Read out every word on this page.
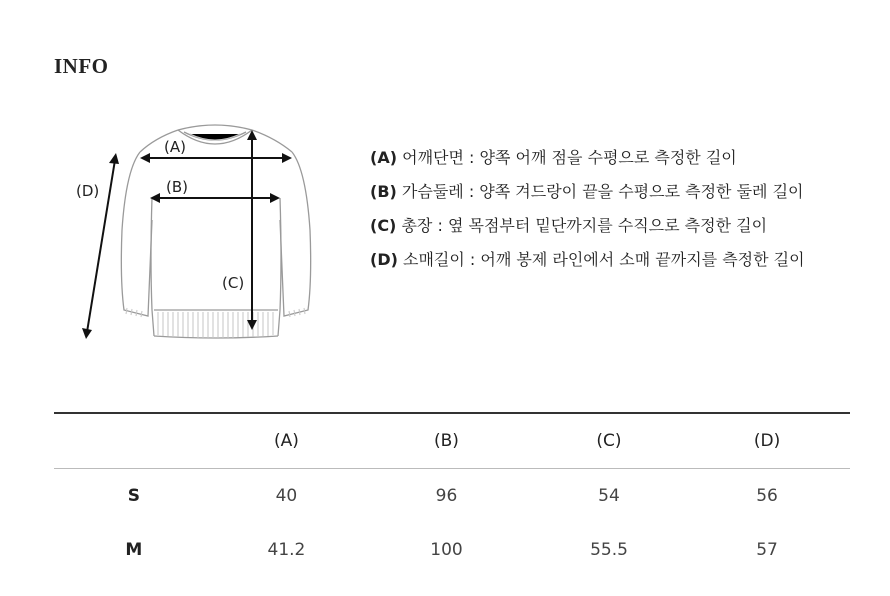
INFO
(A)
(B)
(C)
(D)
(A) 어깨단면 : 양쪽 어깨 점을 수평으로 측정한 길이
(B) 가슴둘레 : 양쪽 겨드랑이 끝을 수평으로 측정한 둘레 길이
(C) 총장 : 옆 목점부터 밑단까지를 수직으로 측정한 길이
(D) 소매길이 : 어깨 봉제 라인에서 소매 끝까지를 측정한 길이
	(A)	(B)	(C)	(D)
S	40	96	54	56
M	41.2	100	55.5	57
